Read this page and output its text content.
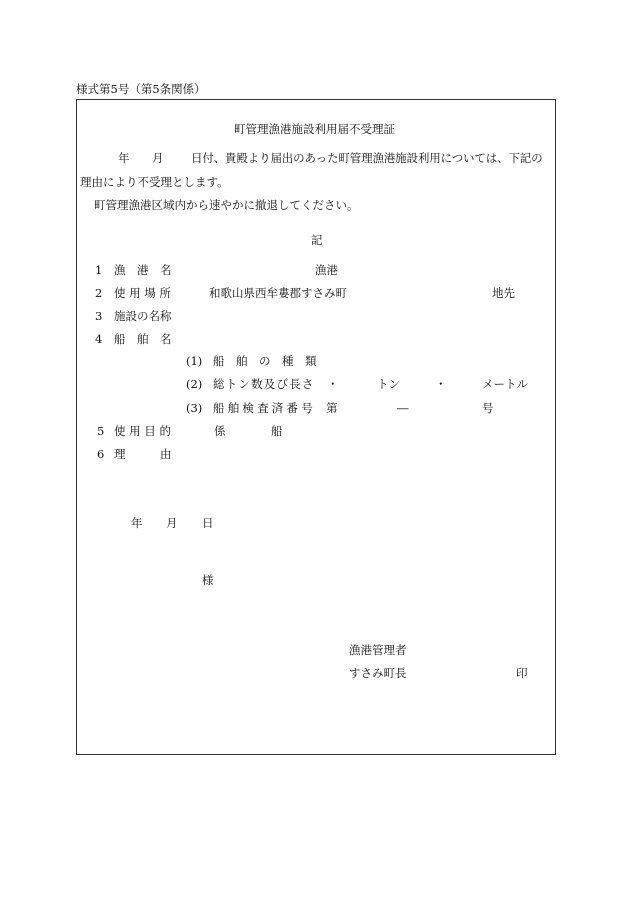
様式第5号（第5条関係）
町管理漁港施設利用届不受理証
年 月 日付、貴殿より届出のあった町管理漁港施設利用については、下記の
理由により不受理とします。
町管理漁港区域内から速やかに撤退してください。
記
1 漁　港　名	漁港
2 使 用 場 所	和歌山県西牟婁郡すさみ町	地先
3 施設の名称
4 船　舶　名
(1) 船　舶　の　種　類
(2) 総トン数及び長さ ・	トン	・	メートル
(3) 船舶検査済番号 第	―	号
5 使 用 目 的	係	船
6 理　　　由
年 月 日
様
漁港管理者
すさみ町長	印
